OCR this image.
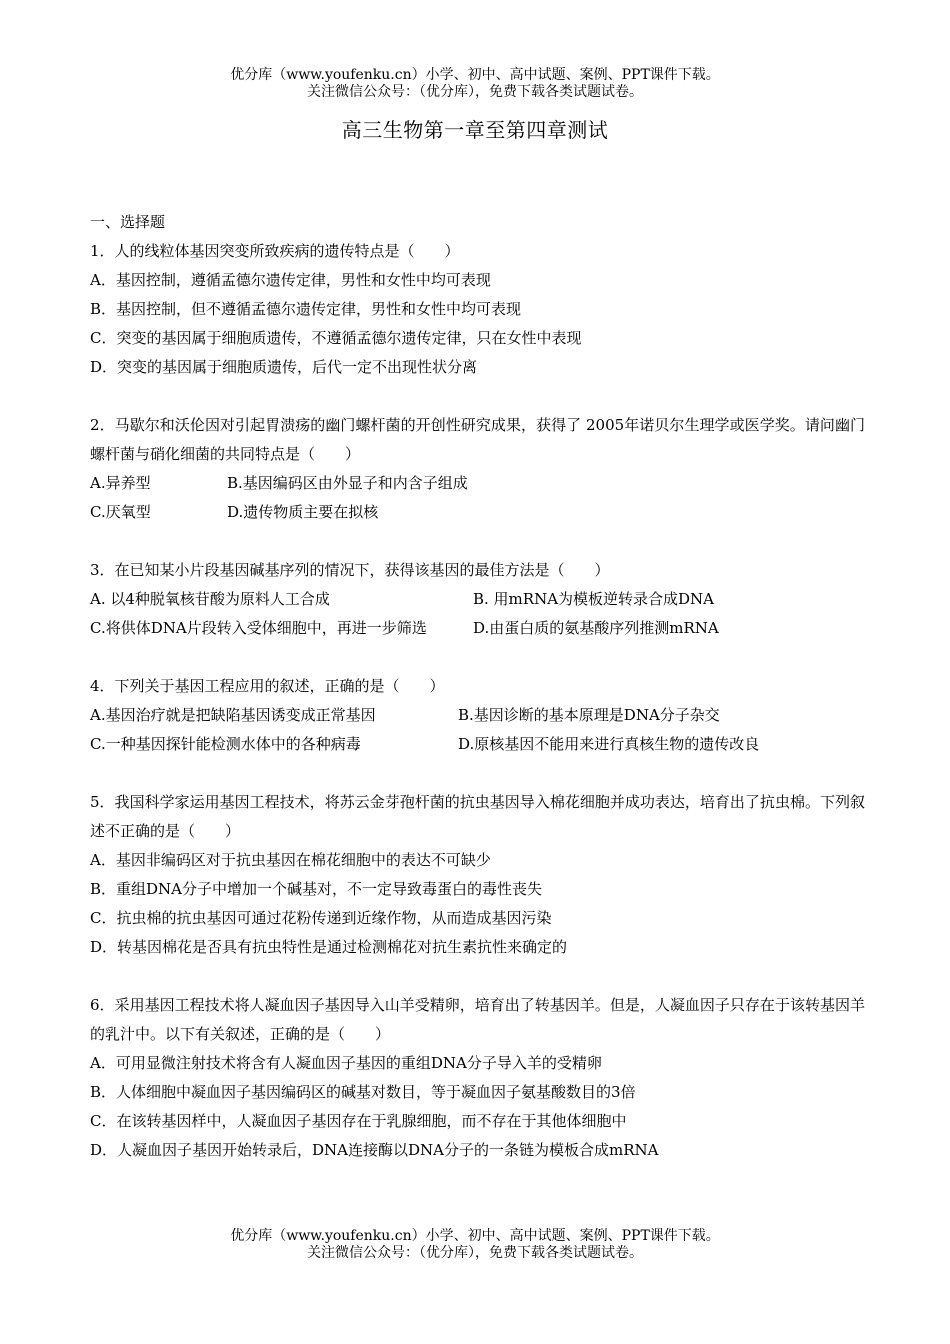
优分库（www.youfenku.cn）小学、初中、高中试题、案例、PPT课件下载。
关注微信公众号：（优分库），免费下载各类试题试卷。
高三生物第一章至第四章测试
一、选择题
1．人的线粒体基因突变所致疾病的遗传特点是（　　）
A．基因控制，遵循孟德尔遗传定律，男性和女性中均可表现
B．基因控制，但不遵循孟德尔遗传定律，男性和女性中均可表现
C．突变的基因属于细胞质遗传，不遵循孟德尔遗传定律，只在女性中表现
D．突变的基因属于细胞质遗传，后代一定不出现性状分离
2．马歇尔和沃伦因对引起胃溃疡的幽门螺杆菌的开创性研究成果，获得了 2005年诺贝尔生理学或医学奖。请问幽门螺杆菌与硝化细菌的共同特点是（　　）
A.异养型	B.基因编码区由外显子和内含子组成
C.厌氧型	D.遗传物质主要在拟核
3．在已知某小片段基因碱基序列的情况下，获得该基因的最佳方法是（　　）
A. 以4种脱氧核苷酸为原料人工合成	B. 用mRNA为模板逆转录合成DNA
C.将供体DNA片段转入受体细胞中，再进一步筛选	D.由蛋白质的氨基酸序列推测mRNA
4．下列关于基因工程应用的叙述，正确的是（　　）
A.基因治疗就是把缺陷基因诱变成正常基因	B.基因诊断的基本原理是DNA分子杂交
C.一种基因探针能检测水体中的各种病毒	D.原核基因不能用来进行真核生物的遗传改良
5．我国科学家运用基因工程技术，将苏云金芽孢杆菌的抗虫基因导入棉花细胞并成功表达，培育出了抗虫棉。下列叙述不正确的是（　　）
A．基因非编码区对于抗虫基因在棉花细胞中的表达不可缺少
B．重组DNA分子中增加一个碱基对，不一定导致毒蛋白的毒性丧失
C．抗虫棉的抗虫基因可通过花粉传递到近缘作物，从而造成基因污染
D．转基因棉花是否具有抗虫特性是通过检测棉花对抗生素抗性来确定的
6．采用基因工程技术将人凝血因子基因导入山羊受精卵，培育出了转基因羊。但是，人凝血因子只存在于该转基因羊的乳汁中。以下有关叙述，正确的是（　　）
A．可用显微注射技术将含有人凝血因子基因的重组DNA分子导入羊的受精卵
B．人体细胞中凝血因子基因编码区的碱基对数目，等于凝血因子氨基酸数目的3倍
C．在该转基因样中，人凝血因子基因存在于乳腺细胞，而不存在于其他体细胞中
D．人凝血因子基因开始转录后，DNA连接酶以DNA分子的一条链为模板合成mRNA
优分库（www.youfenku.cn）小学、初中、高中试题、案例、PPT课件下载。
关注微信公众号：（优分库），免费下载各类试题试卷。
